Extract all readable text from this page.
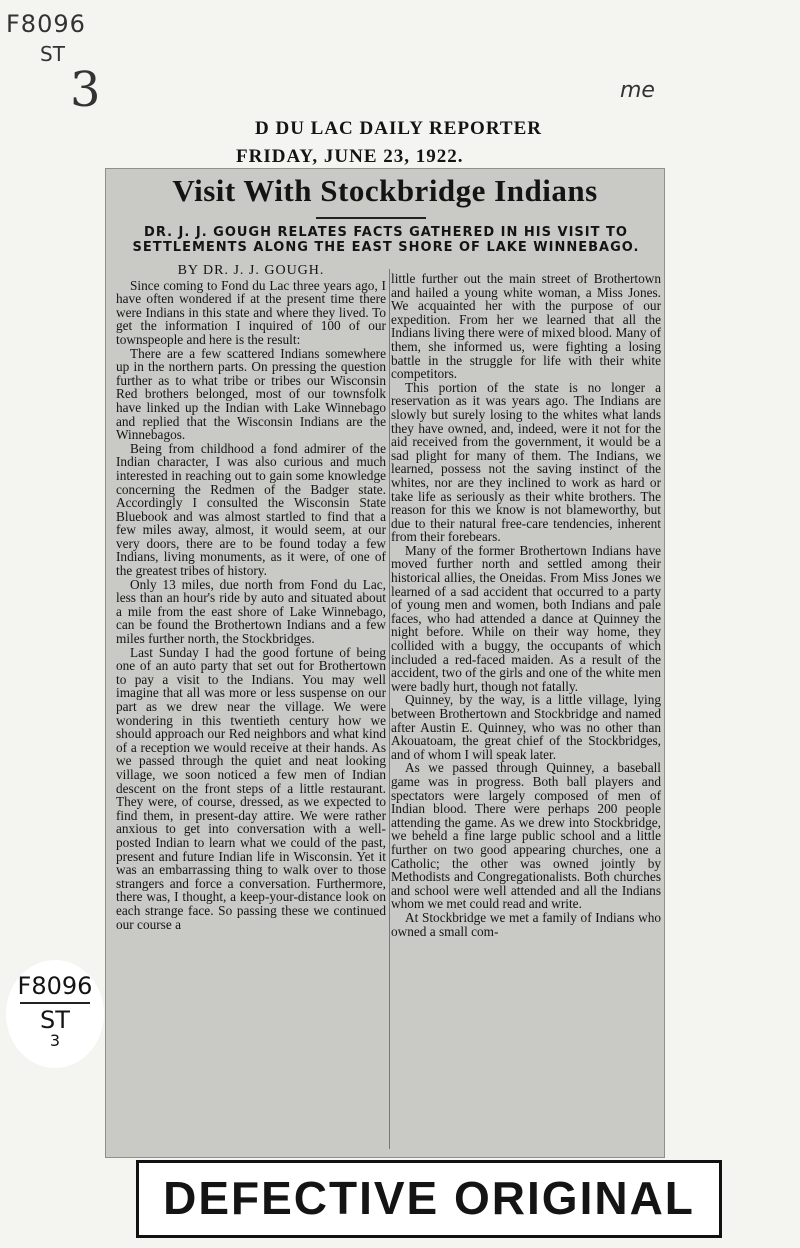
F8096
ST
3	me
D DU LAC DAILY REPORTER
FRIDAY, JUNE 23, 1922.
Visit With Stockbridge Indians
DR. J. J. GOUGH RELATES FACTS GATHERED IN HIS VISIT TO SETTLEMENTS ALONG THE EAST SHORE OF LAKE WINNEBAGO.
BY DR. J. J. GOUGH.

Since coming to Fond du Lac three years ago, I have often wondered if at the present time there were Indians in this state and where they lived. To get the information I inquired of 100 of our townspeople and here is the result:

There are a few scattered Indians somewhere up in the northern parts. On pressing the question further as to what tribe or tribes our Wisconsin Red brothers belonged, most of our townsfolk have linked up the Indian with Lake Winnebago and replied that the Wisconsin Indians are the Winnebagos.

Being from childhood a fond admirer of the Indian character, I was also curious and much interested in reaching out to gain some knowledge concerning the Redmen of the Badger state. Accordingly I consulted the Wisconsin State Bluebook and was almost startled to find that a few miles away, almost, it would seem, at our very doors, there are to be found today a few Indians, living monuments, as it were, of one of the greatest tribes of history.

Only 13 miles, due north from Fond du Lac, less than an hour's ride by auto and situated about a mile from the east shore of Lake Winnebago, can be found the Brothertown Indians and a few miles further north, the Stockbridges.

Last Sunday I had the good fortune of being one of an auto party that set out for Brothertown to pay a visit to the Indians. You may well imagine that all was more or less suspense on our part as we drew near the village. We were wondering in this twentieth century how we should approach our Red neighbors and what kind of a reception we would receive at their hands. As we passed through the quiet and neat looking village, we soon noticed a few men of Indian descent on the front steps of a little restaurant. They were, of course, dressed, as we expected to find them, in present-day attire. We were rather anxious to get into conversation with a well-posted Indian to learn what we could of the past, present and future Indian life in Wisconsin. Yet it was an embarrassing thing to walk over to those strangers and force a conversation. Furthermore, there was, I thought, a keep-your-distance look on each strange face. So passing these we continued our course a

little further out the main street of Brothertown and hailed a young white woman, a Miss Jones. We acquainted her with the purpose of our expedition. From her we learned that all the Indians living there were of mixed blood. Many of them, she informed us, were fighting a losing battle in the struggle for life with their white competitors.

This portion of the state is no longer a reservation as it was years ago. The Indians are slowly but surely losing to the whites what lands they have owned, and, indeed, were it not for the aid received from the government, it would be a sad plight for many of them. The Indians, we learned, possess not the saving instinct of the whites, nor are they inclined to work as hard or take life as seriously as their white brothers. The reason for this we know is not blameworthy, but due to their natural free-care tendencies, inherent from their forebears.

Many of the former Brothertown Indians have moved further north and settled among their historical allies, the Oneidas. From Miss Jones we learned of a sad accident that occurred to a party of young men and women, both Indians and pale faces, who had attended a dance at Quinney the night before. While on their way home, they collided with a buggy, the occupants of which included a red-faced maiden. As a result of the accident, two of the girls and one of the white men were badly hurt, though not fatally.

Quinney, by the way, is a little village, lying between Brothertown and Stockbridge and named after Austin E. Quinney, who was no other than Akouatoam, the great chief of the Stockbridges, and of whom I will speak later.

As we passed through Quinney, a baseball game was in progress. Both ball players and spectators were largely composed of men of Indian blood. There were perhaps 200 people attending the game. As we drew into Stockbridge, we beheld a fine large public school and a little further on two good appearing churches, one a Catholic; the other was owned jointly by Methodists and Congregationalists. Both churches and school were well attended and all the Indians whom we met could read and write.

At Stockbridge we met a family of Indians who owned a small com-

F8096
ST
3
DEFECTIVE ORIGINAL
